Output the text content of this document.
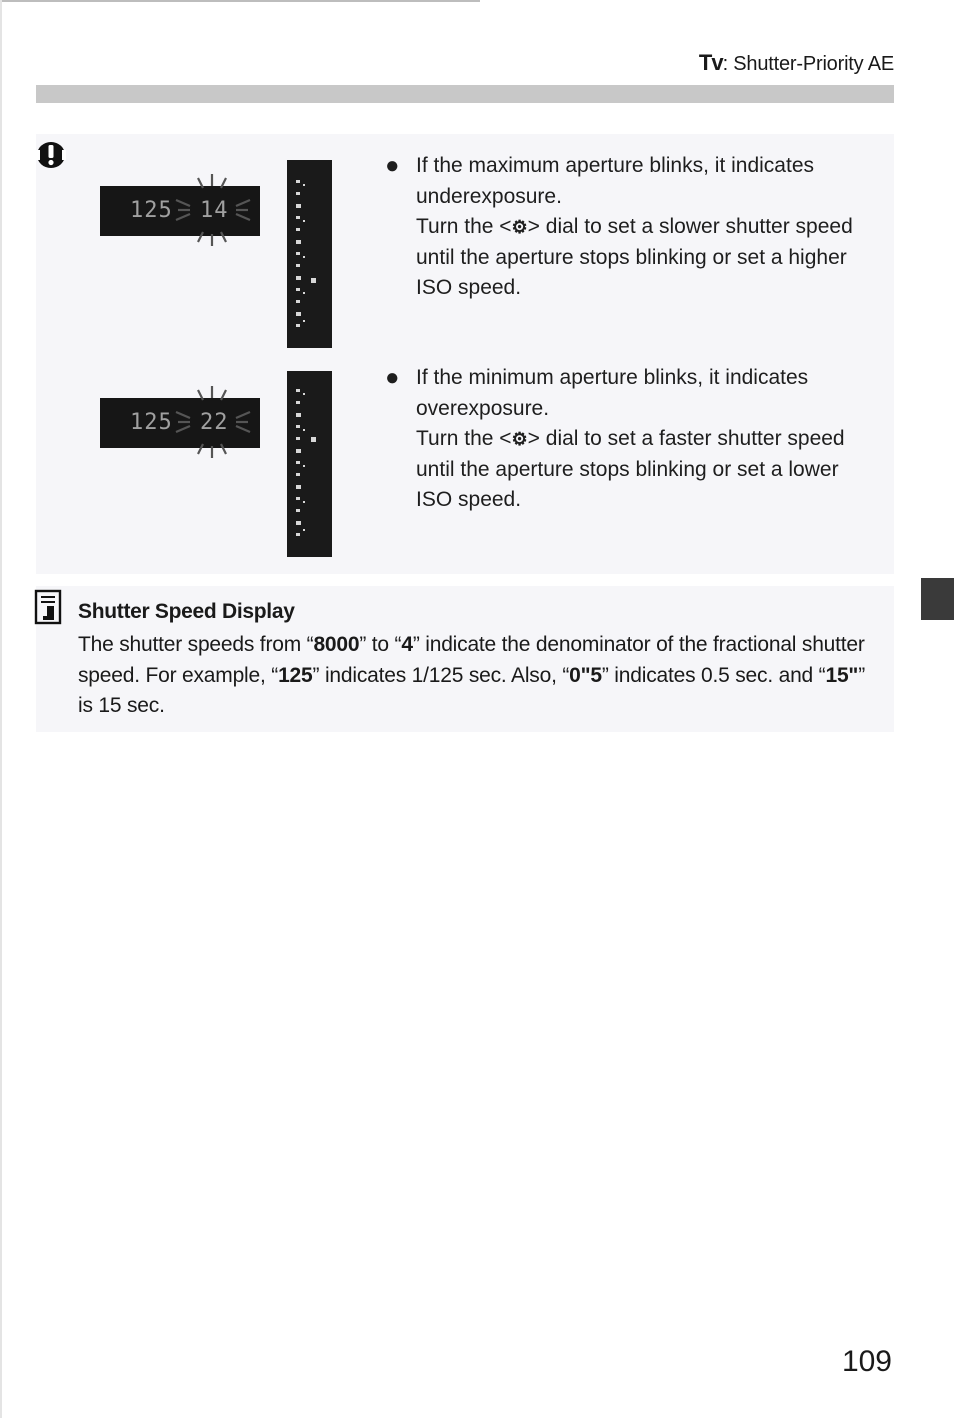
Tv: Shutter-Priority AE
125 14
● If the maximum aperture blinks, it indicates underexposure.
Turn the <⚙> dial to set a slower shutter speed until the aperture stops blinking or set a higher ISO speed.
125 22
● If the minimum aperture blinks, it indicates overexposure.
Turn the <⚙> dial to set a faster shutter speed until the aperture stops blinking or set a lower ISO speed.
Shutter Speed Display
The shutter speeds from “8000” to “4” indicate the denominator of the fractional shutter speed. For example, “125” indicates 1/125 sec. Also, “0"5” indicates 0.5 sec. and “15"” is 15 sec.
109
